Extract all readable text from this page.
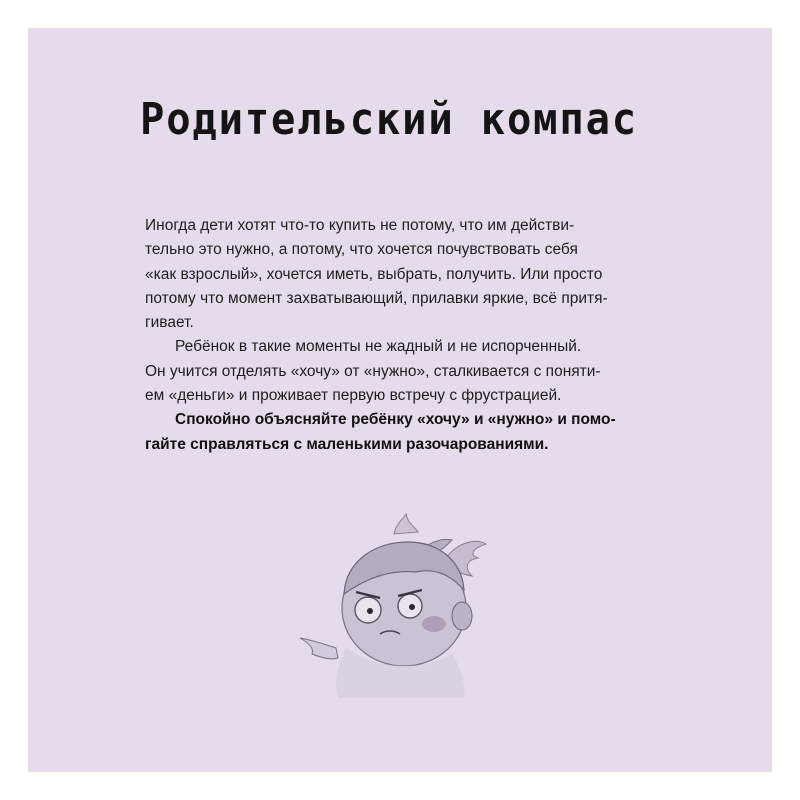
Родительский компас

Иногда дети хотят что-то купить не потому, что им действи-

тельно это нужно, а потому, что хочется почувствовать себя

«как взрослый», хочется иметь, выбрать, получить. Или просто

потому что момент захватывающий, прилавки яркие, всё притя-

гивает.

Ребёнок в такие моменты не жадный и не испорченный.

Он учится отделять «хочу» от «нужно», сталкивается с поняти-

ем «деньги» и проживает первую встречу с фрустрацией.

Спокойно объясняйте ребёнку «хочу» и «нужно» и помо-

гайте справляться с маленькими разочарованиями.
